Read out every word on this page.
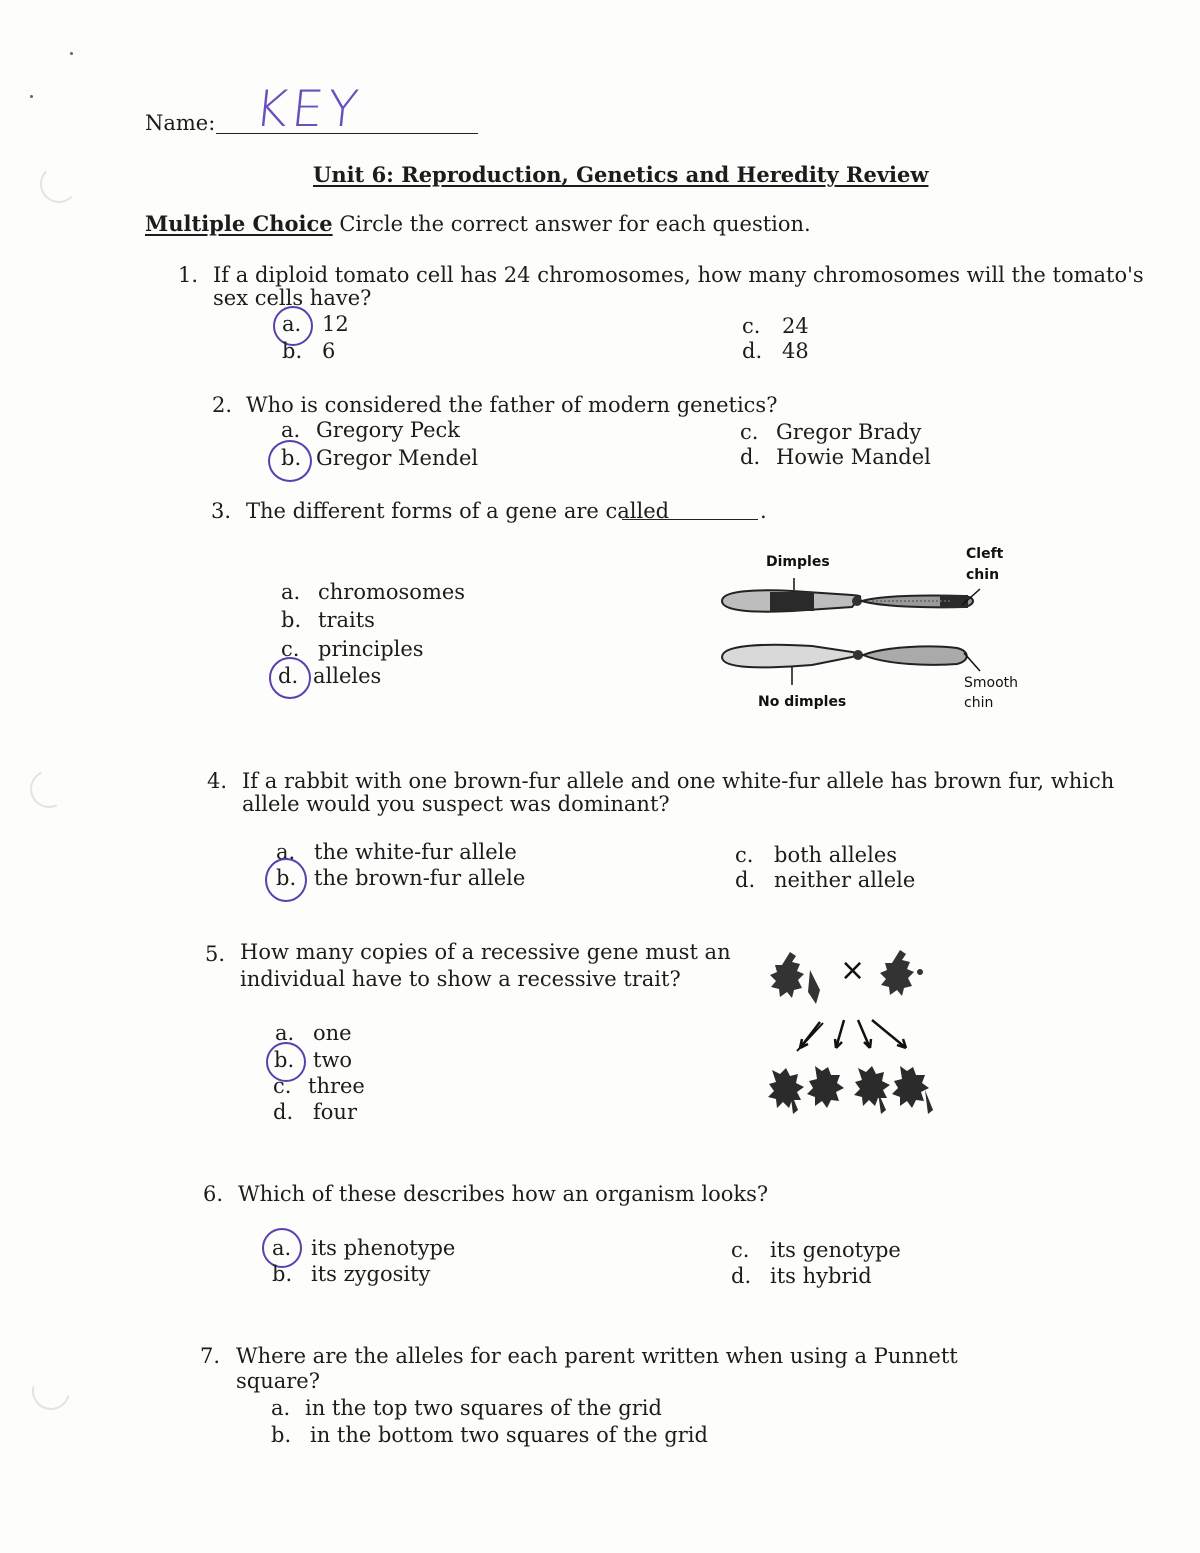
Name: KEY
Unit 6: Reproduction, Genetics and Heredity Review
Multiple Choice Circle the correct answer for each question.
1. If a diploid tomato cell has 24 chromosomes, how many chromosomes will the tomato's
sex cells have?
a. 12
b. 6
c. 24
d. 48
2. Who is considered the father of modern genetics?
a. Gregory Peck
b. Gregor Mendel
c. Gregor Brady
d. Howie Mandel
3. The different forms of a gene are called	.
a. chromosomes
b. traits
c. principles
d. alleles
Dimples	Cleft
chin
No dimples
Smooth
chin
4. If a rabbit with one brown-fur allele and one white-fur allele has brown fur, which
allele would you suspect was dominant?
a. the white-fur allele
b. the brown-fur allele
c. both alleles
d. neither allele
5. How many copies of a recessive gene must an
individual have to show a recessive trait?
a. one
b. two
c. three
d. four
×
6. Which of these describes how an organism looks?
a. its phenotype
b. its zygosity
c. its genotype
d. its hybrid
7. Where are the alleles for each parent written when using a Punnett
square?
a. in the top two squares of the grid
b. in the bottom two squares of the grid
